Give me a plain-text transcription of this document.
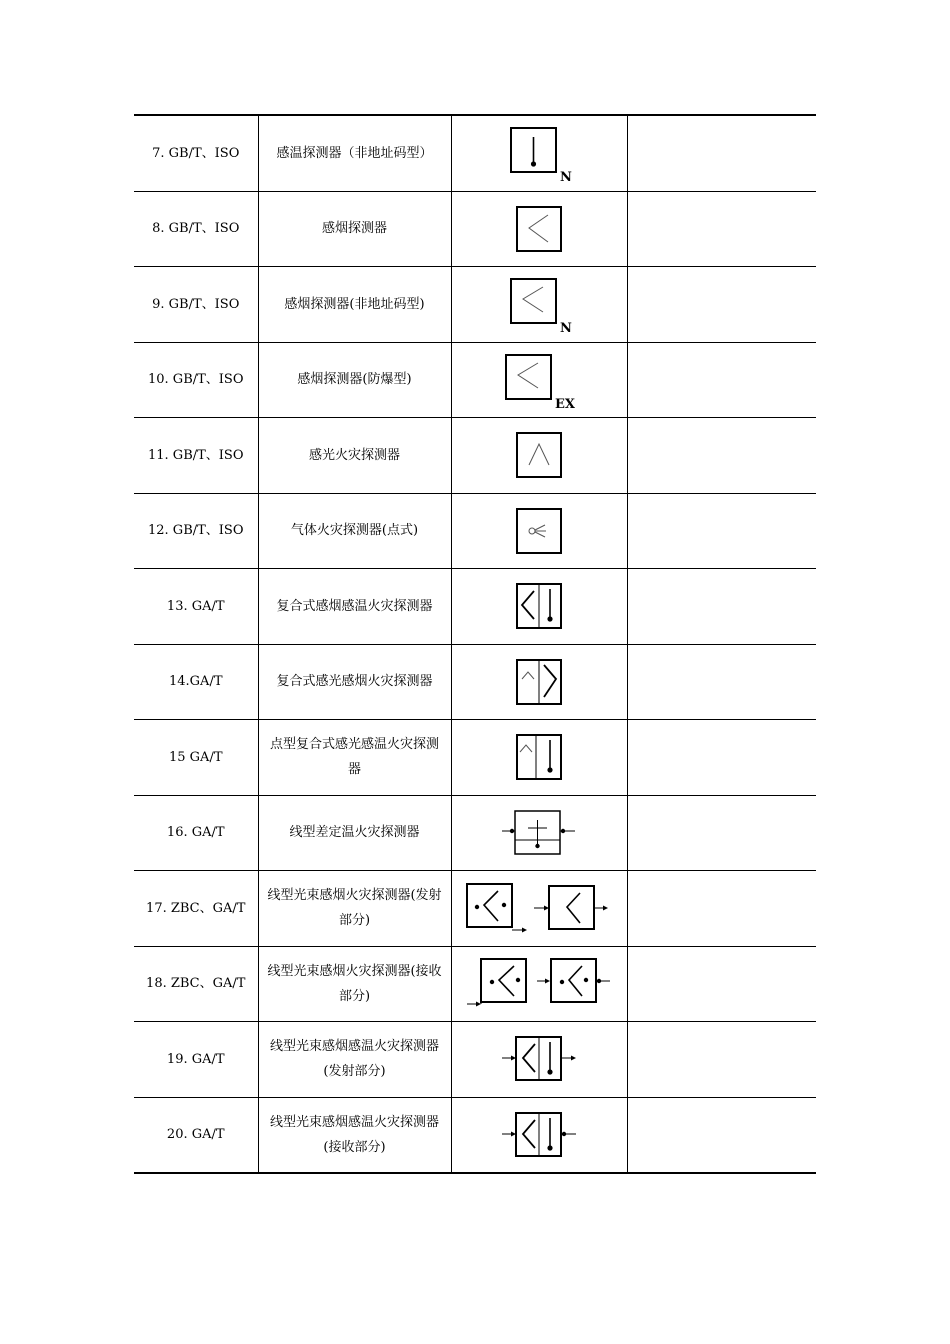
7. GB/T、ISO	感温探测器（非地址码型）	N	

8. GB/T、ISO	感烟探测器	

9. GB/T、ISO	感烟探测器(非地址码型)	N	

10. GB/T、ISO	感烟探测器(防爆型)	EX	

11. GB/T、ISO	感光火灾探测器	

12. GB/T、ISO	气体火灾探测器(点式)	

13. GA/T	复合式感烟感温火灾探测器	

14.GA/T	复合式感光感烟火灾探测器	

15 GA/T	点型复合式感光感温火灾探测器	

16. GA/T	线型差定温火灾探测器	

17. ZBC、GA/T	线型光束感烟火灾探测器(发射部分)	

18. ZBC、GA/T	线型光束感烟火灾探测器(接收部分)	

19. GA/T	线型光束感烟感温火灾探测器(发射部分)	

20. GA/T	线型光束感烟感温火灾探测器(接收部分)	
